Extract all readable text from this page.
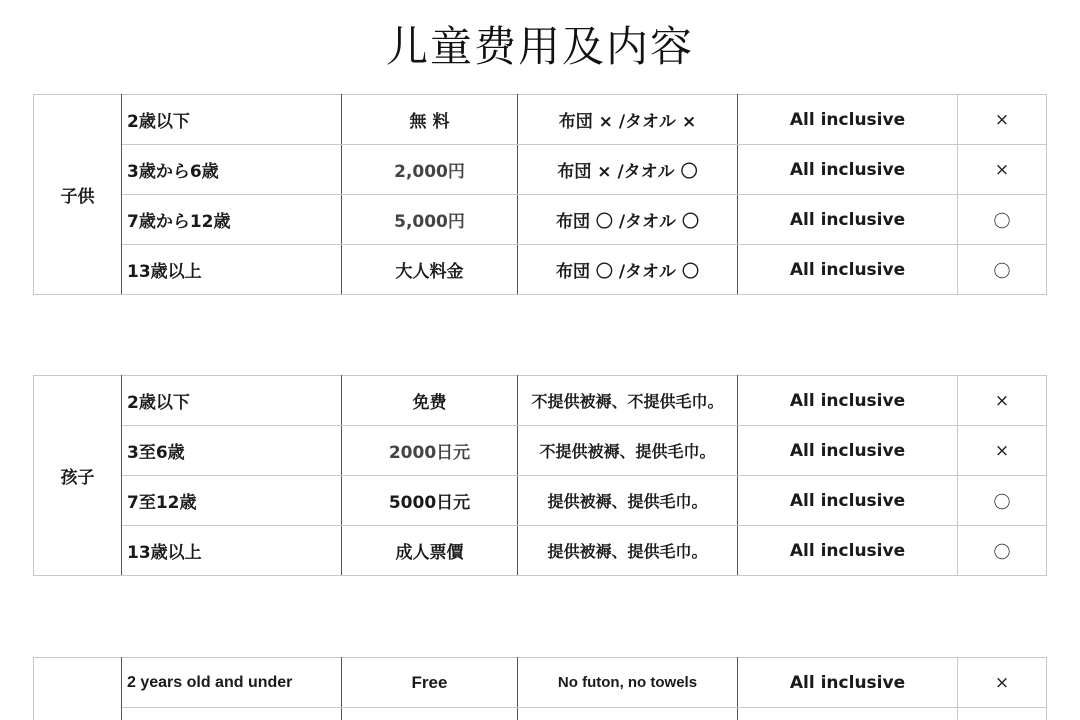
儿童费用及内容
子供	2歳以下	無 料	布団 × /タオル ×	All inclusive	×
	3歳から6歳	2,000円	布団 × /タオル 〇	All inclusive	×
	7歳から12歳	5,000円	布団 〇 /タオル 〇	All inclusive	〇
	13歳以上	大人料金	布団 〇 /タオル 〇	All inclusive	〇
孩子	2歳以下	免费	不提供被褥、不提供毛巾。	All inclusive	×
	3至6歳	2000日元	不提供被褥、提供毛巾。	All inclusive	×
	7至12歳	5000日元	提供被褥、提供毛巾。	All inclusive	〇
	13歳以上	成人票價	提供被褥、提供毛巾。	All inclusive	〇
	2 years old and under	Free	No futon, no towels	All inclusive	×
